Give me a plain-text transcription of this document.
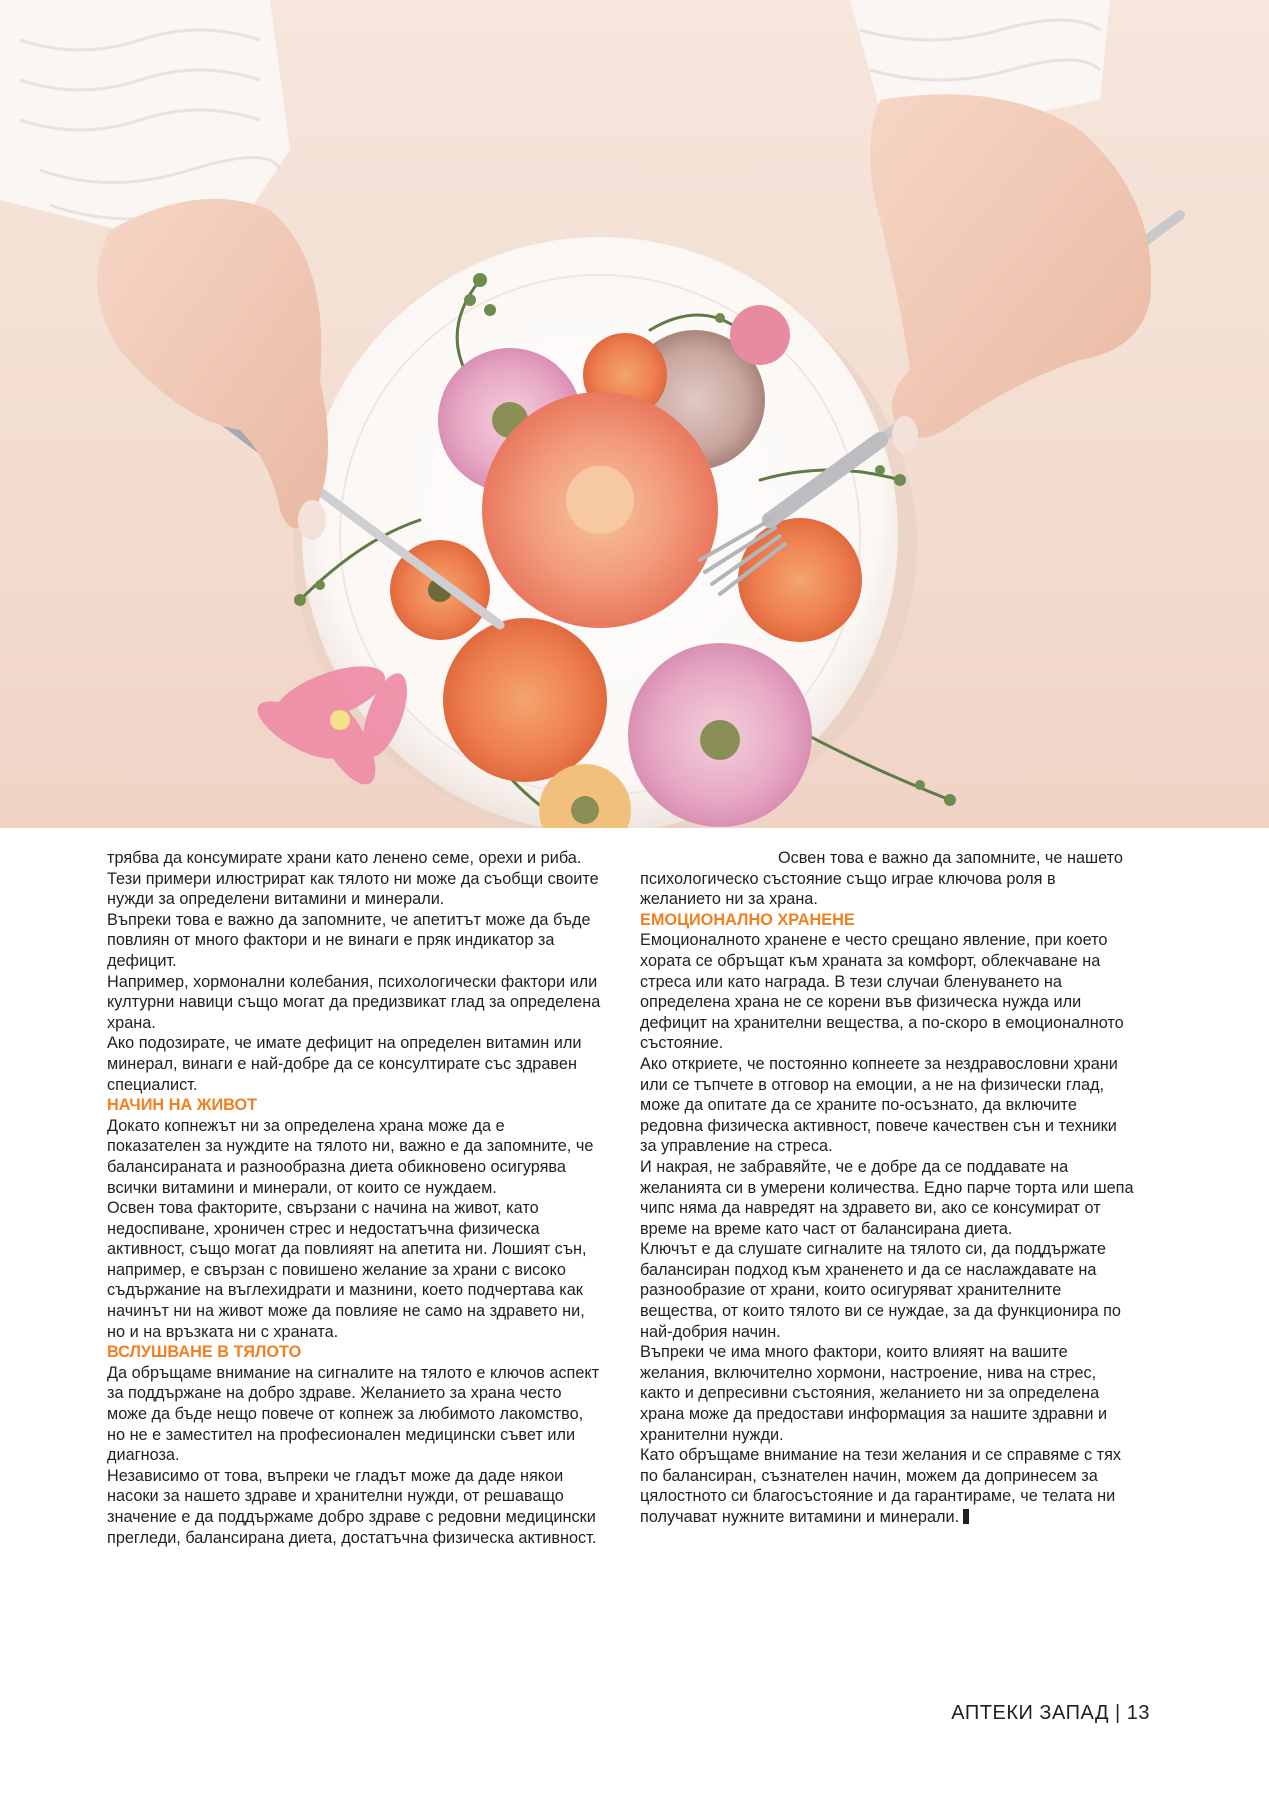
трябва да консумирате храни като ленено семе, орехи и риба.

Тези примери илюстрират как тялото ни може да съобщи своите нужди за определени витамини и минерали.

Въпреки това е важно да запомните, че апетитът може да бъде повлиян от много фактори и не винаги е пряк индикатор за дефицит.

Например, хормонални колебания, психологически фактори или културни навици също могат да предизвикат глад за определена храна.

Ако подозирате, че имате дефицит на определен витамин или минерал, винаги е най-добре да се консултирате със здравен специалист.

НАЧИН НА ЖИВОТ

Докато копнежът ни за определена храна може да е показателен за нуждите на тялото ни, важно е да запомните, че балансираната и разнообразна диета обикновено осигурява всички витамини и минерали, от които се нуждаем.

Освен това факторите, свързани с начина на живот, като недоспиване, хроничен стрес и недостатъчна физическа активност, също могат да повлияят на апетита ни. Лошият сън, например, е свързан с повишено желание за храни с високо съдържание на въглехидрати и мазнини, което подчертава как начинът ни на живот може да повлияе не само на здравето ни, но и на връзката ни с храната.

ВСЛУШВАНЕ В ТЯЛОТО

Да обръщаме внимание на сигналите на тялото е ключов аспект за поддържане на добро здраве. Желанието за храна често може да бъде нещо повече от копнеж за любимото лакомство, но не е заместител на професионален медицински съвет или диагноза.

Независимо от това, въпреки че гладът може да даде някои насоки за нашето здраве и хранителни нужди, от решаващо значение е да поддържаме добро здраве с редовни медицински прегледи, балансирана диета, достатъчна физическа активност.

Освен това е важно да запомните, че нашето психологическо състояние също играе ключова роля в желанието ни за храна.

ЕМОЦИОНАЛНО ХРАНЕНЕ

Емоционалното хранене е често срещано явление, при което хората се обръщат към храната за комфорт, облекчаване на стреса или като награда. В тези случаи бленуването на определена храна не се корени във физическа нужда или дефицит на хранителни вещества, а по-скоро в емоционалното състояние.

Ако откриете, че постоянно копнеете за нездравословни храни или се тъпчете в отговор на емоции, а не на физически глад, може да опитате да се храните по-осъзнато, да включите редовна физическа активност, повече качествен сън и техники за управление на стреса.

И накрая, не забравяйте, че е добре да се поддавате на желанията си в умерени количества. Едно парче торта или шепа чипс няма да навредят на здравето ви, ако се консумират от време на време като част от балансирана диета.

Ключът е да слушате сигналите на тялото си, да поддържате балансиран подход към храненето и да се наслаждавате на разнообразие от храни, които осигуряват хранителните вещества, от които тялото ви се нуждае, за да функционира по най-добрия начин.

Въпреки че има много фактори, които влияят на вашите желания, включително хормони, настроение, нива на стрес, както и депресивни състояния, желанието ни за определена храна може да предостави информация за нашите здравни и хранителни нужди.

Като обръщаме внимание на тези желания и се справяме с тях по балансиран, съзнателен начин, можем да допринесем за цялостното си благосъстояние и да гарантираме, че телата ни получават нужните витамини и минерали.

АПТЕКИ ЗАПАД | 13
